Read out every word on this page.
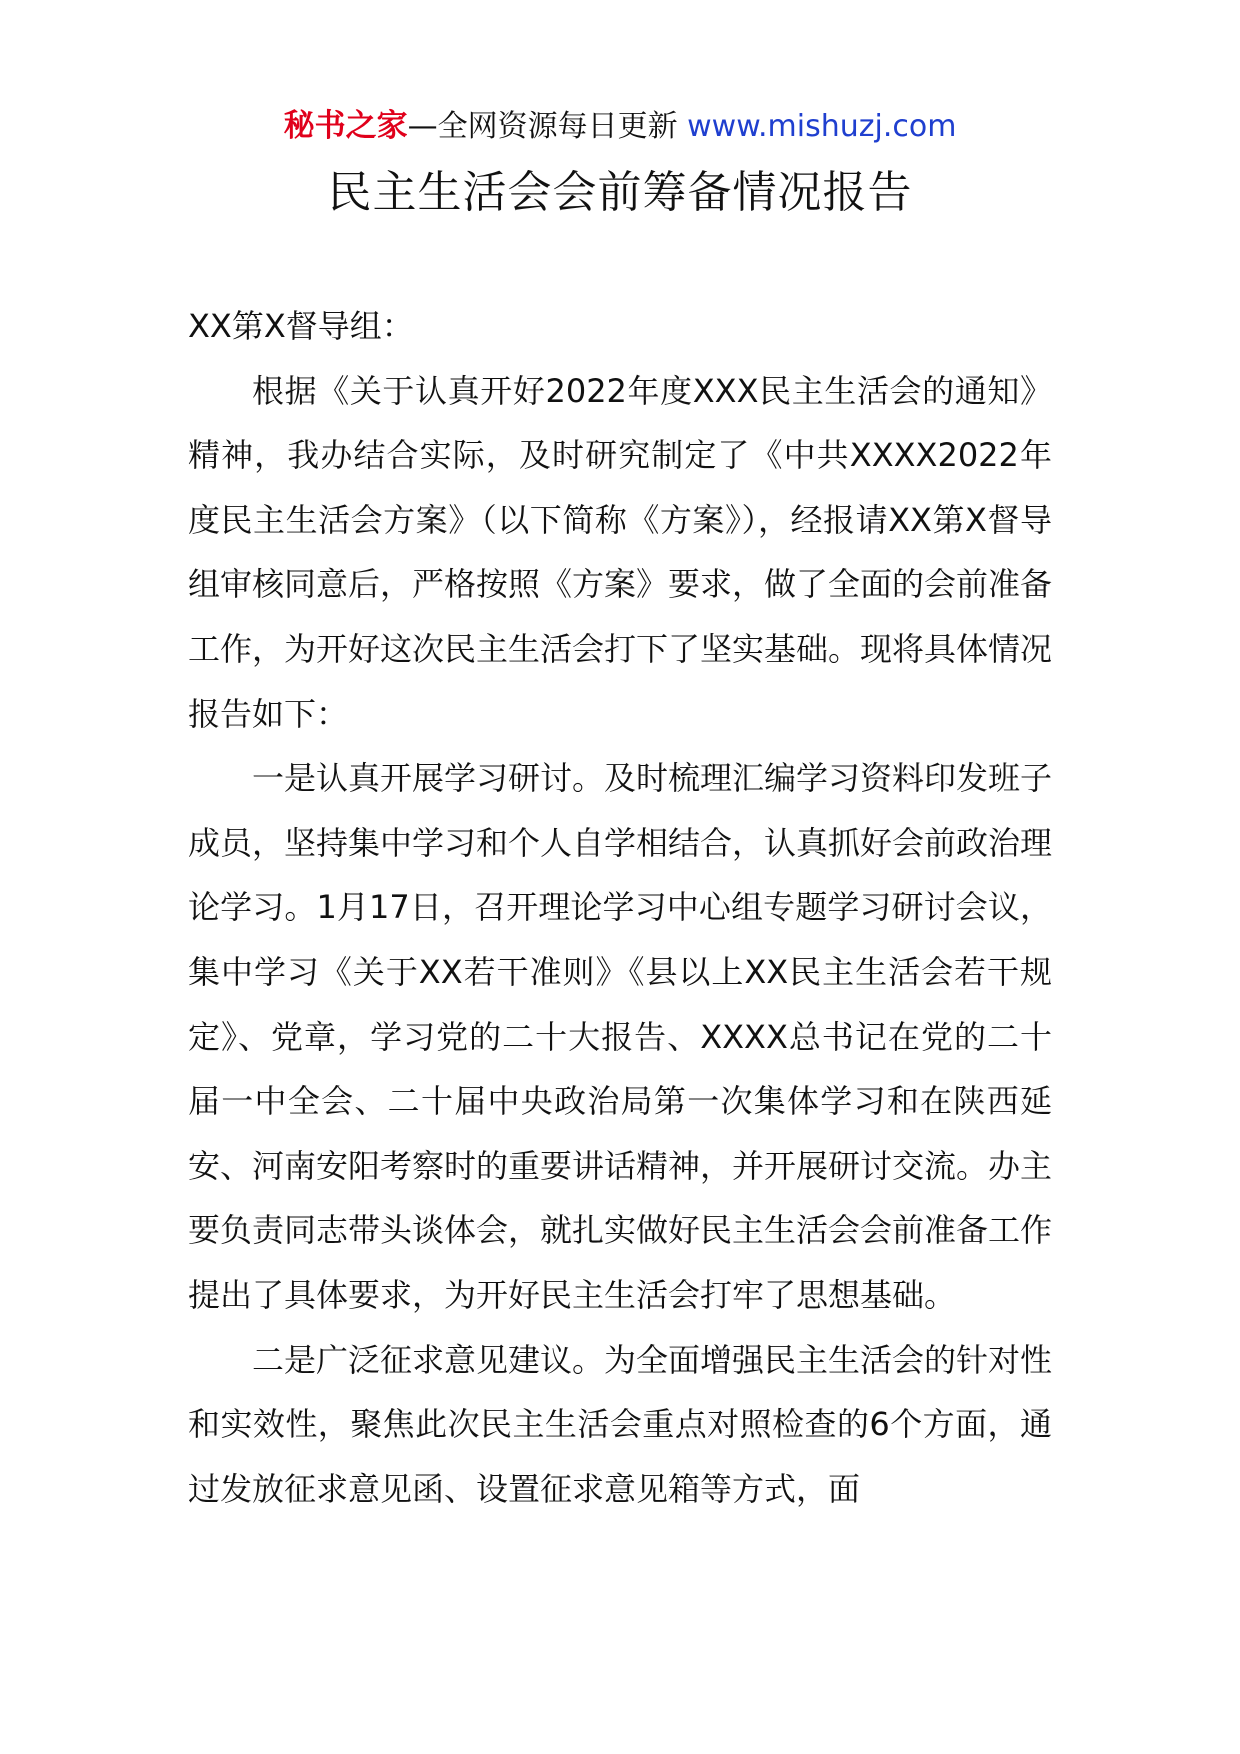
秘书之家—全网资源每日更新 www.mishuzj.com
民主生活会会前筹备情况报告

XX第X督导组：

根据《关于认真开好2022年度XXX民主生活会的通知》精神，我办结合实际，及时研究制定了《中共XXXX2022年度民主生活会方案》（以下简称《方案》），经报请XX第X督导组审核同意后，严格按照《方案》要求，做了全面的会前准备工作，为开好这次民主生活会打下了坚实基础。现将具体情况报告如下：

一是认真开展学习研讨。及时梳理汇编学习资料印发班子成员，坚持集中学习和个人自学相结合，认真抓好会前政治理论学习。1月17日，召开理论学习中心组专题学习研讨会议，集中学习《关于XX若干准则》《县以上XX民主生活会若干规定》、党章，学习党的二十大报告、XXXX总书记在党的二十届一中全会、二十届中央政治局第一次集体学习和在陕西延安、河南安阳考察时的重要讲话精神，并开展研讨交流。办主要负责同志带头谈体会，就扎实做好民主生活会会前准备工作提出了具体要求，为开好民主生活会打牢了思想基础。

二是广泛征求意见建议。为全面增强民主生活会的针对性和实效性，聚焦此次民主生活会重点对照检查的6个方面，通过发放征求意见函、设置征求意见箱等方式，面
